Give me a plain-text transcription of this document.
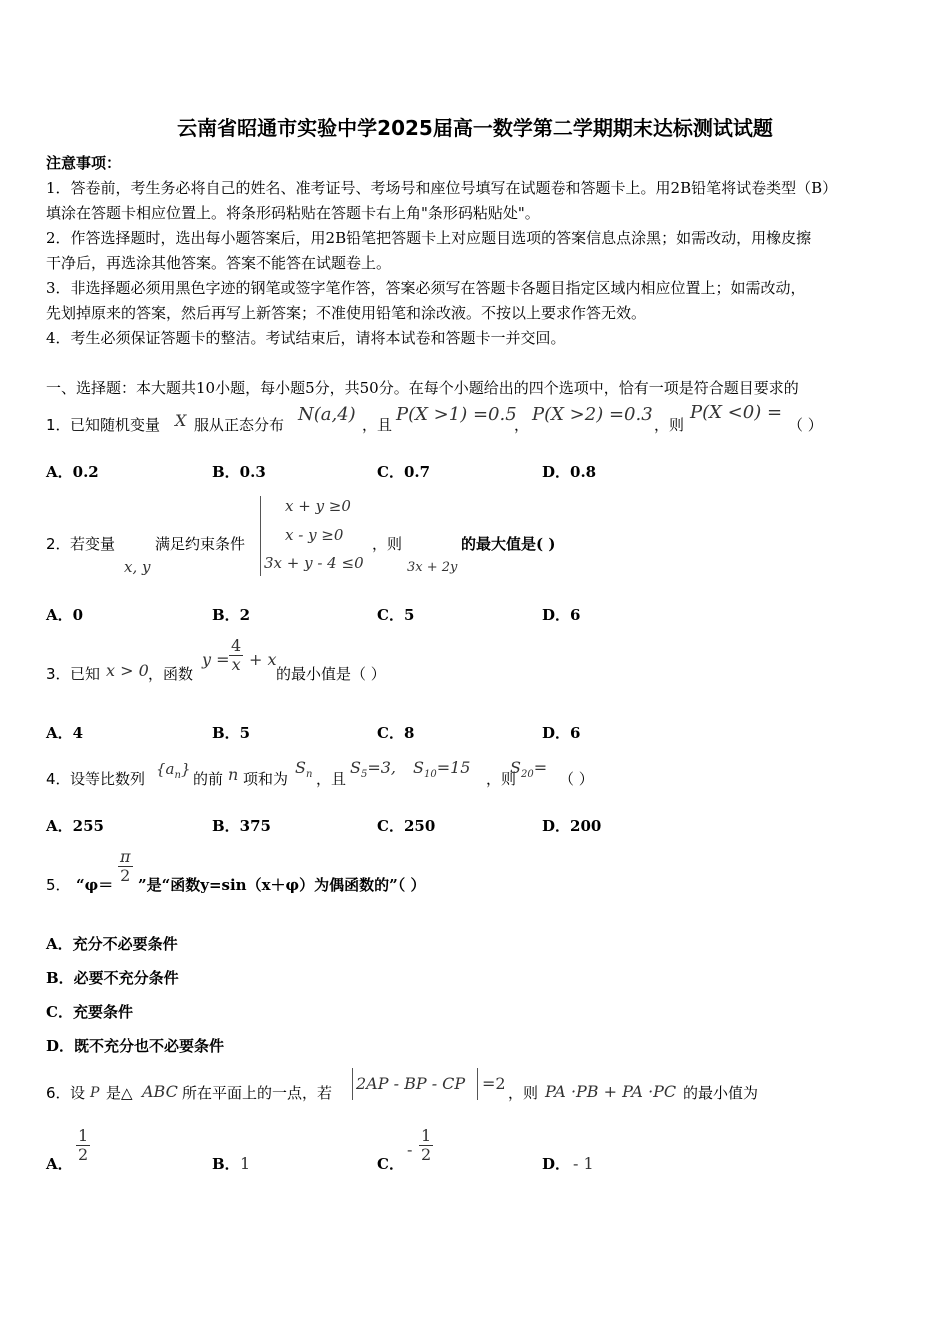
云南省昭通市实验中学2025届高一数学第二学期期末达标测试试题
注意事项：
1．答卷前，考生务必将自己的姓名、准考证号、考场号和座位号填写在试题卷和答题卡上。用2B铅笔将试卷类型（B）
填涂在答题卡相应位置上。将条形码粘贴在答题卡右上角"条形码粘贴处"。
2．作答选择题时，选出每小题答案后，用2B铅笔把答题卡上对应题目选项的答案信息点涂黑；如需改动，用橡皮擦
干净后，再选涂其他答案。答案不能答在试题卷上。
3．非选择题必须用黑色字迹的钢笔或签字笔作答，答案必须写在答题卡各题目指定区域内相应位置上；如需改动，
先划掉原来的答案，然后再写上新答案；不准使用铅笔和涂改液。不按以上要求作答无效。
4．考生必须保证答题卡的整洁。考试结束后，请将本试卷和答题卡一并交回。
一、选择题：本大题共10小题，每小题5分，共50分。在每个小题给出的四个选项中，恰有一项是符合题目要求的
1． 已知随机变量 X 服从正态分布 N(a,4) ，且 P(X >1) =0.5
， P(X >2) =0.3 ，则
P(X <0) =
（ ）
A．0.2	B．0.3	C．0.7	D．0.8
2． 若变量
x, y
满足约束条件
x + y ≥0
x - y ≥0
3x + y - 4 ≤0
，则
3x + 2y
的最大值是( )
A．0	B．2	C．5	D．6
3． 已知 x > 0 ，函数
$y = \frac{4}{x} + x$
的最小值是（ ）
A．4	B．5	C．8	D．6
4． 设等比数列
$\{a_n\}$
的前 n 项和为
$S_n$ ，且
$S_5=3$, $S_{10}=15$
，则
$S_{20}=$
（ ）
A．255	B．375	C．250	D．200
5． “$\varphi= \frac{\pi}{2}$ ”是“函数y=sin（x＋φ）为偶函数的”（ ）
A．充分不必要条件
B．必要不充分条件
C．充要条件
D．既不充分也不必要条件
6． 设 P 是△ ABC 所在平面上的一点，若 2AP - BP - CP =2 ，则 PA ·PB + PA ·PC 的最小值为
A． $\frac{1}{2}$	B． 1	C．
- $\frac{1}{2}$	D． - 1
